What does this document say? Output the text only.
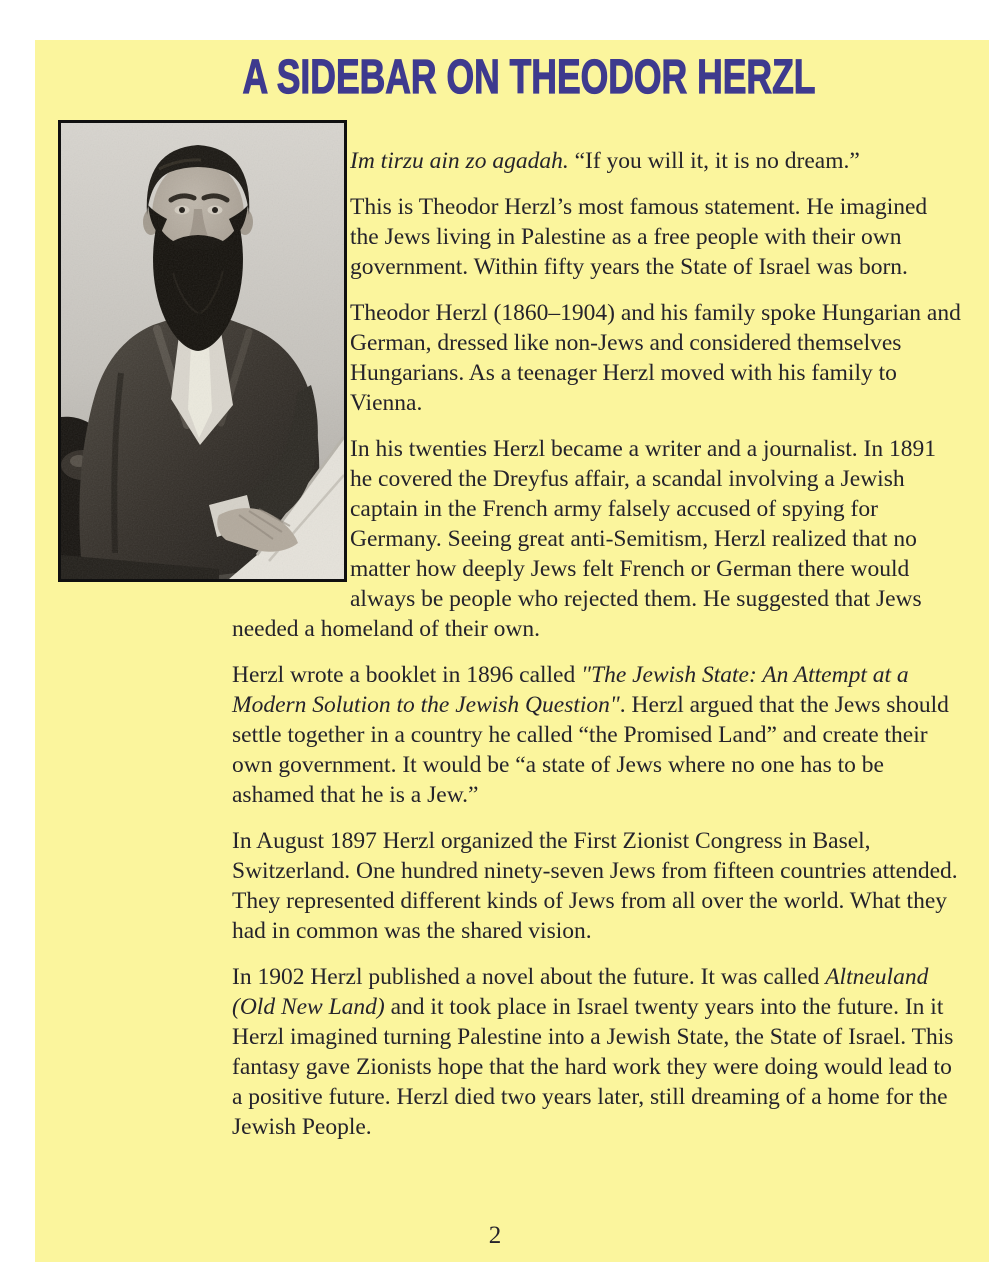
A SIDEBAR ON THEODOR HERZL

Im tirzu ain zo agadah. “If you will it, it is no dream.”

This is Theodor Herzl’s most famous statement. He imagined the Jews living in Palestine as a free people with their own government. Within fifty years the State of Israel was born.

Theodor Herzl (1860–1904) and his family spoke Hungarian and German, dressed like non-Jews and considered themselves Hungarians. As a teenager Herzl moved with his family to Vienna.

In his twenties Herzl became a writer and a journalist. In 1891 he covered the Dreyfus affair, a scandal involving a Jewish captain in the French army falsely accused of spying for Germany. Seeing great anti-Semitism, Herzl realized that no matter how deeply Jews felt French or German there would always be people who rejected them. He suggested that Jews needed a homeland of their own.

Herzl wrote a booklet in 1896 called "The Jewish State: An Attempt at a Modern Solution to the Jewish Question". Herzl argued that the Jews should settle together in a country he called “the Promised Land” and create their own government. It would be “a state of Jews where no one has to be ashamed that he is a Jew.”

In August 1897 Herzl organized the First Zionist Congress in Basel, Switzerland. One hundred ninety-seven Jews from fifteen countries attended. They represented different kinds of Jews from all over the world. What they had in common was the shared vision.

In 1902 Herzl published a novel about the future. It was called Altneuland (Old New Land) and it took place in Israel twenty years into the future. In it Herzl imagined turning Palestine into a Jewish State, the State of Israel. This fantasy gave Zionists hope that the hard work they were doing would lead to a positive future. Herzl died two years later, still dreaming of a home for the Jewish People.

2
